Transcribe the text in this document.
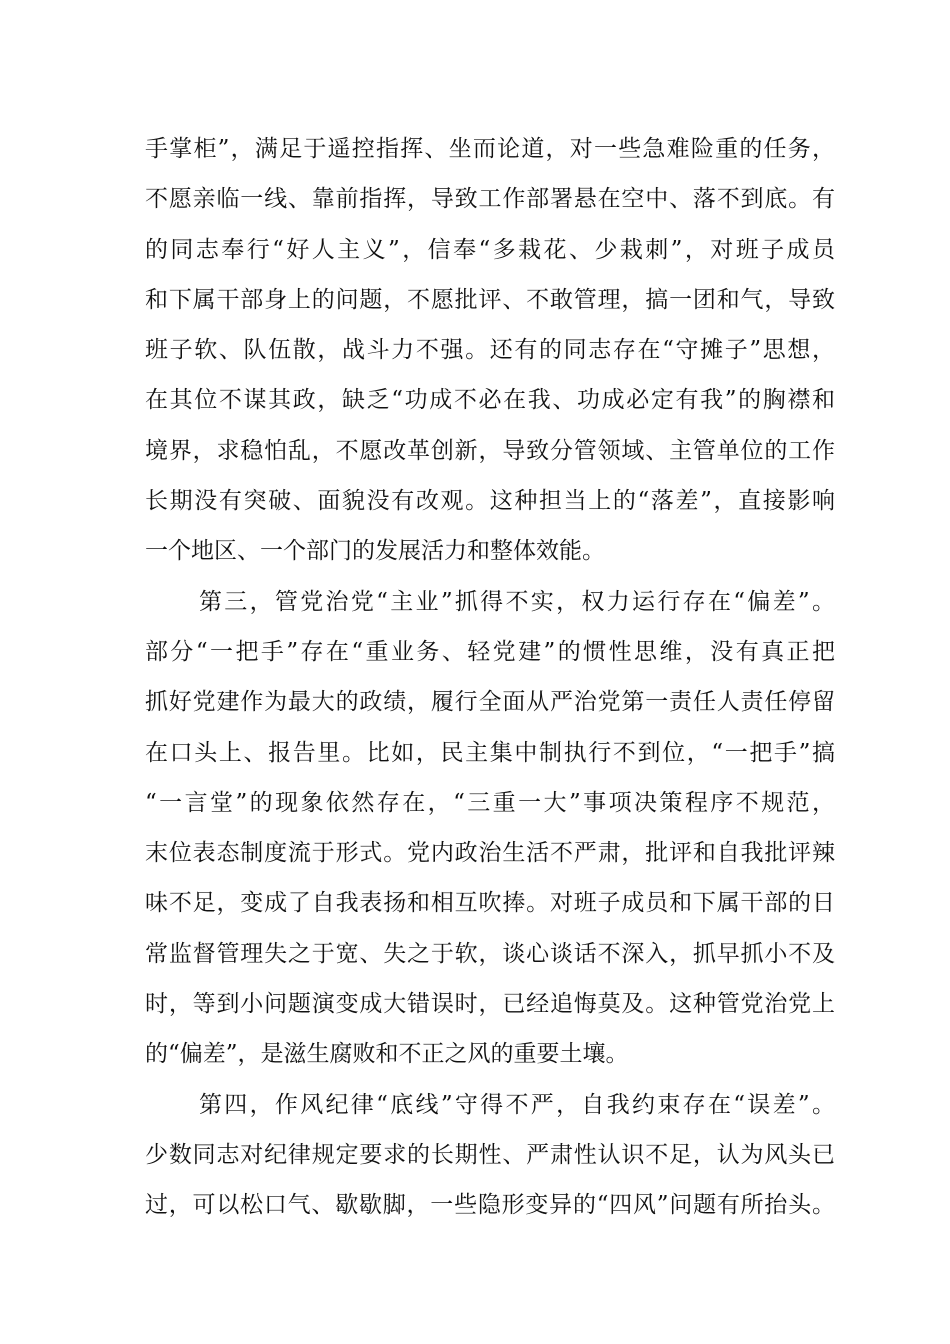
手掌柜”，满足于遥控指挥、坐而论道，对一些急难险重的任务，
不愿亲临一线、靠前指挥，导致工作部署悬在空中、落不到底。有
的同志奉行“好人主义”，信奉“多栽花、少栽刺”，对班子成员
和下属干部身上的问题，不愿批评、不敢管理，搞一团和气，导致
班子软、队伍散，战斗力不强。还有的同志存在“守摊子”思想，
在其位不谋其政，缺乏“功成不必在我、功成必定有我”的胸襟和
境界，求稳怕乱，不愿改革创新，导致分管领域、主管单位的工作
长期没有突破、面貌没有改观。这种担当上的“落差”，直接影响
一个地区、一个部门的发展活力和整体效能。
第三，管党治党“主业”抓得不实，权力运行存在“偏差”。
部分“一把手”存在“重业务、轻党建”的惯性思维，没有真正把
抓好党建作为最大的政绩，履行全面从严治党第一责任人责任停留
在口头上、报告里。比如，民主集中制执行不到位，“一把手”搞
“一言堂”的现象依然存在，“三重一大”事项决策程序不规范，
末位表态制度流于形式。党内政治生活不严肃，批评和自我批评辣
味不足，变成了自我表扬和相互吹捧。对班子成员和下属干部的日
常监督管理失之于宽、失之于软，谈心谈话不深入，抓早抓小不及
时，等到小问题演变成大错误时，已经追悔莫及。这种管党治党上
的“偏差”，是滋生腐败和不正之风的重要土壤。
第四，作风纪律“底线”守得不严，自我约束存在“误差”。
少数同志对纪律规定要求的长期性、严肃性认识不足，认为风头已
过，可以松口气、歇歇脚，一些隐形变异的“四风”问题有所抬头。
